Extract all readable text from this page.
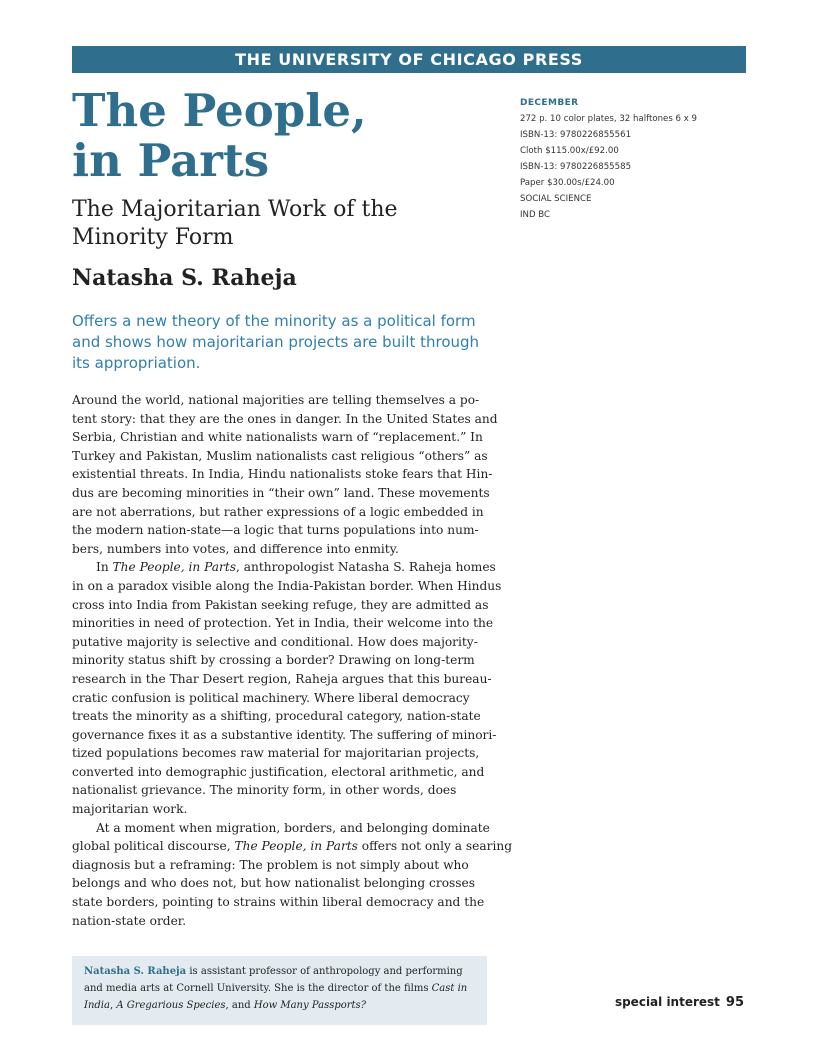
THE UNIVERSITY OF CHICAGO PRESS
The People,
in Parts
The Majoritarian Work of the
Minority Form
Natasha S. Raheja
Offers a new theory of the minority as a political form
and shows how majoritarian projects are built through
its appropriation.
DECEMBER
272 p. 10 color plates, 32 halftones 6 x 9
ISBN-13: 9780226855561
Cloth $115.00x/£92.00
ISBN-13: 9780226855585
Paper $30.00s/£24.00
SOCIAL SCIENCE
IND BC

Around the world, national majorities are telling themselves a po-
tent story: that they are the ones in danger. In the United States and
Serbia, Christian and white nationalists warn of “replacement.” In
Turkey and Pakistan, Muslim nationalists cast religious “others” as
existential threats. In India, Hindu nationalists stoke fears that Hin-
dus are becoming minorities in “their own” land. These movements
are not aberrations, but rather expressions of a logic embedded in
the modern nation-state—a logic that turns populations into num-
bers, numbers into votes, and difference into enmity.

In The People, in Parts, anthropologist Natasha S. Raheja homes
in on a paradox visible along the India-Pakistan border. When Hindus
cross into India from Pakistan seeking refuge, they are admitted as
minorities in need of protection. Yet in India, their welcome into the
putative majority is selective and conditional. How does majority-
minority status shift by crossing a border? Drawing on long-term
research in the Thar Desert region, Raheja argues that this bureau-
cratic confusion is political machinery. Where liberal democracy
treats the minority as a shifting, procedural category, nation-state
governance fixes it as a substantive identity. The suffering of minori-
tized populations becomes raw material for majoritarian projects,
converted into demographic justification, electoral arithmetic, and
nationalist grievance. The minority form, in other words, does
majoritarian work.

At a moment when migration, borders, and belonging dominate
global political discourse, The People, in Parts offers not only a searing
diagnosis but a reframing: The problem is not simply about who
belongs and who does not, but how nationalist belonging crosses
state borders, pointing to strains within liberal democracy and the
nation-state order.

Natasha S. Raheja is assistant professor of anthropology and performing
and media arts at Cornell University. She is the director of the films Cast in
India, A Gregarious Species, and How Many Passports?	special interest 95
